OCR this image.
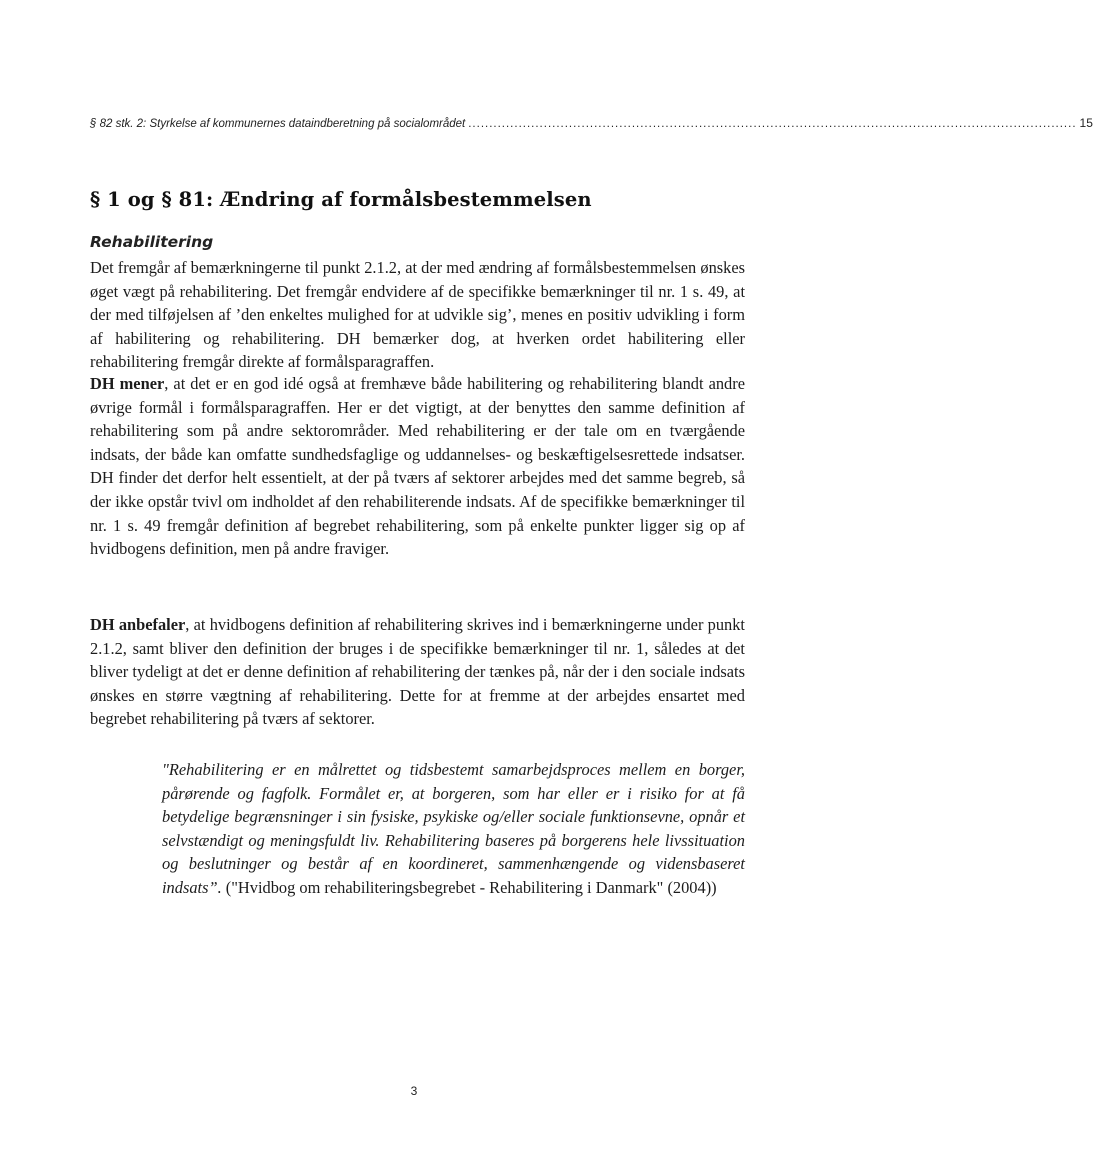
§ 82 stk. 2: Styrkelse af kommunernes dataindberetning på socialområdet ................................................................................................................................................. 15
§ 1 og § 81: Ændring af formålsbestemmelsen
Rehabilitering

Det fremgår af bemærkningerne til punkt 2.1.2, at der med ændring af formålsbestemmelsen ønskes øget vægt på rehabilitering. Det fremgår endvidere af de specifikke bemærkninger til nr. 1 s. 49, at der med tilføjelsen af ’den enkeltes mulighed for at udvikle sig’, menes en positiv udvikling i form af habilitering og rehabilitering. DH bemærker dog, at hverken ordet habilitering eller rehabilitering fremgår direkte af formålsparagraffen.

DH mener, at det er en god idé også at fremhæve både habilitering og rehabilitering blandt andre øvrige formål i formålsparagraffen. Her er det vigtigt, at der benyttes den samme definition af rehabilitering som på andre sektorområder. Med rehabilitering er der tale om en tværgående indsats, der både kan omfatte sundhedsfaglige og uddannelses- og beskæftigelsesrettede indsatser. DH finder det derfor helt essentielt, at der på tværs af sektorer arbejdes med det samme begreb, så der ikke opstår tvivl om indholdet af den rehabiliterende indsats. Af de specifikke bemærkninger til nr. 1 s. 49 fremgår definition af begrebet rehabilitering, som på enkelte punkter ligger sig op af hvidbogens definition, men på andre fraviger.

DH anbefaler, at hvidbogens definition af rehabilitering skrives ind i bemærkningerne under punkt 2.1.2, samt bliver den definition der bruges i de specifikke bemærkninger til nr. 1, således at det bliver tydeligt at det er denne definition af rehabilitering der tænkes på, når der i den sociale indsats ønskes en større vægtning af rehabilitering. Dette for at fremme at der arbejdes ensartet med begrebet rehabilitering på tværs af sektorer.

"Rehabilitering er en målrettet og tidsbestemt samarbejdsproces mellem en borger, pårørende og fagfolk. Formålet er, at borgeren, som har eller er i risiko for at få betydelige begrænsninger i sin fysiske, psykiske og/eller sociale funktionsevne, opnår et selvstændigt og meningsfuldt liv. Rehabilitering baseres på borgerens hele livssituation og beslutninger og består af en koordineret, sammenhængende og vidensbaseret indsats”. ("Hvidbog om rehabiliteringsbegrebet - Rehabilitering i Danmark" (2004))

3
